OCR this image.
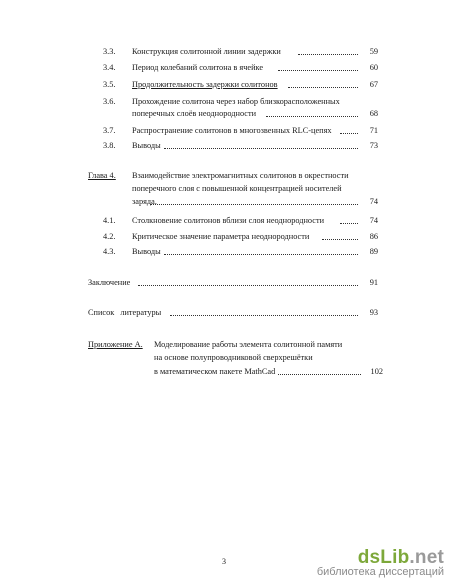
3.3. Конструкция солитонной линии задержки	59
3.4. Период колебаний солитона в ячейке	60
3.5. Продолжительность задержки солитонов	67
3.6. Прохождение солитона через набор близкорасположенных
поперечных слоёв неоднородности	68
3.7. Распространение солитонов в многозвенных RLC-цепях	71
3.8. Выводы	73
Глава 4. Взаимодействие электромагнитных солитонов в окрестности
поперечного слоя с повышенной концентрацией носителей
заряда.	74
4.1. Столкновение солитонов вблизи слоя неоднородности	74
4.2. Критическое значение параметра неоднородности	86
4.3. Выводы	89
Заключение	91
Список литературы	93
Приложение А. Моделирование работы элемента солитонной памяти
на основе полупроводниковой сверхрешётки
в математическом пакете MathCad	102
3	dsLib.net
библиотека диссертаций
